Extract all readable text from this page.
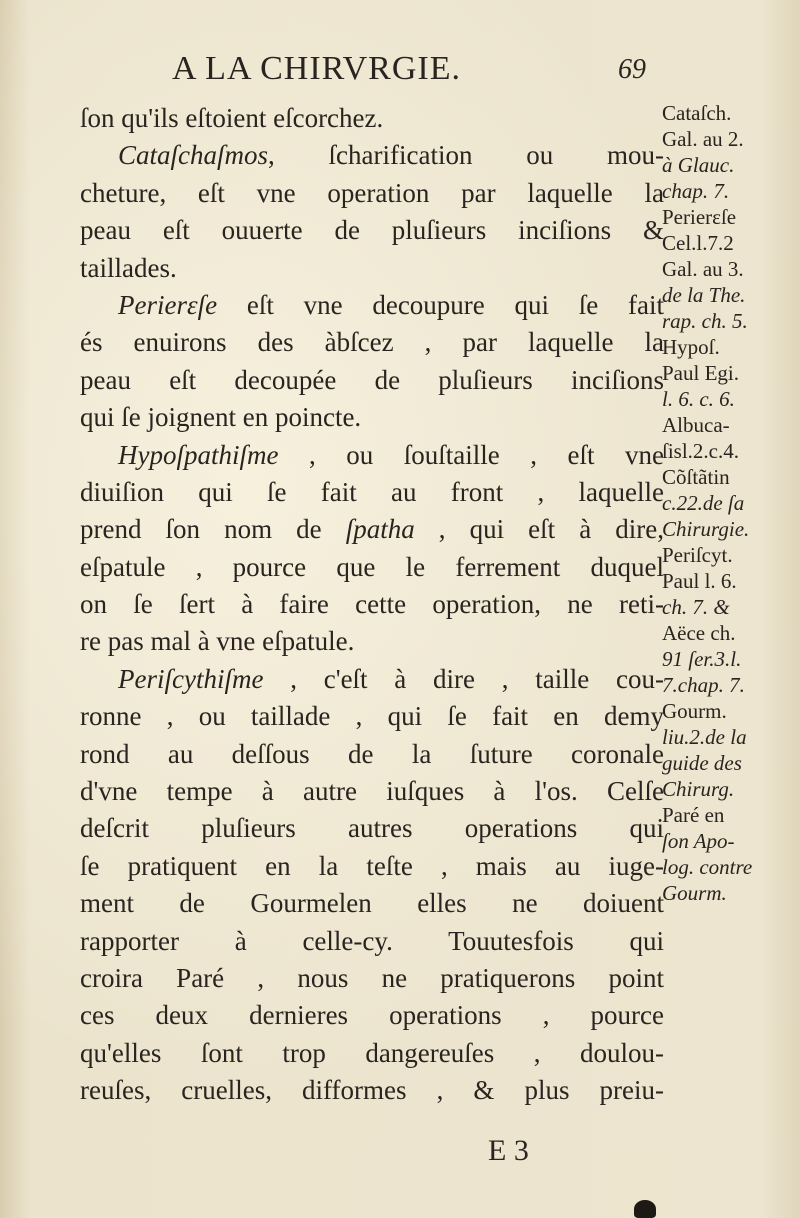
A LA CHIRVRGIE.	69
ſon qu'ils eſtoient eſcorchez.
Cataſchaſmos, ſcharification ou mou-
cheture, eſt vne operation par laquelle la
peau eſt ouuerte de pluſieurs inciſions &
taillades.
Perierɛſe eſt vne decoupure qui ſe fait
és enuirons des àbſcez , par laquelle la
peau eſt decoupée de pluſieurs inciſions
qui ſe joignent en poincte.
Hypoſpathiſme , ou ſouſtaille , eſt vne
diuiſion qui ſe fait au front , laquelle
prend ſon nom de ſpatha , qui eſt à dire,
eſpatule , pource que le ferrement duquel
on ſe ſert à faire cette operation, ne reti-
re pas mal à vne eſpatule.
Periſcythiſme , c'eſt à dire , taille cou-
ronne , ou taillade , qui ſe fait en demy
rond au deſſous de la ſuture coronale
d'vne tempe à autre iuſques à l'os. Celſe
deſcrit pluſieurs autres operations qui
ſe pratiquent en la teſte , mais au iuge-
ment de Gourmelen elles ne doiuent
rapporter à celle-cy. Touutesfois qui
croira Paré , nous ne pratiquerons point
ces deux dernieres operations , pource
qu'elles ſont trop dangereuſes , doulou-
reuſes, cruelles, difformes , & plus preiu-
Cataſch.
Gal. au 2.
à Glauc.
chap. 7.
Perierɛſe
Cel.l.7.2
Gal. au 3.
de la The.
rap. ch. 5.
Hypoſ.
Paul Egi.
l. 6. c. 6.
Albuca-
ſisl.2.c.4.
Cõſtãtin
c.22.de ſa
Chirurgie.
Periſcyt.
Paul l. 6.
ch. 7. &
Aëce ch.
91 ſer.3.l.
7.chap. 7.
Gourm.
liu.2.de la
guide des
Chirurg.
Paré en
ſon Apo-
log. contre
Gourm.
E 3
